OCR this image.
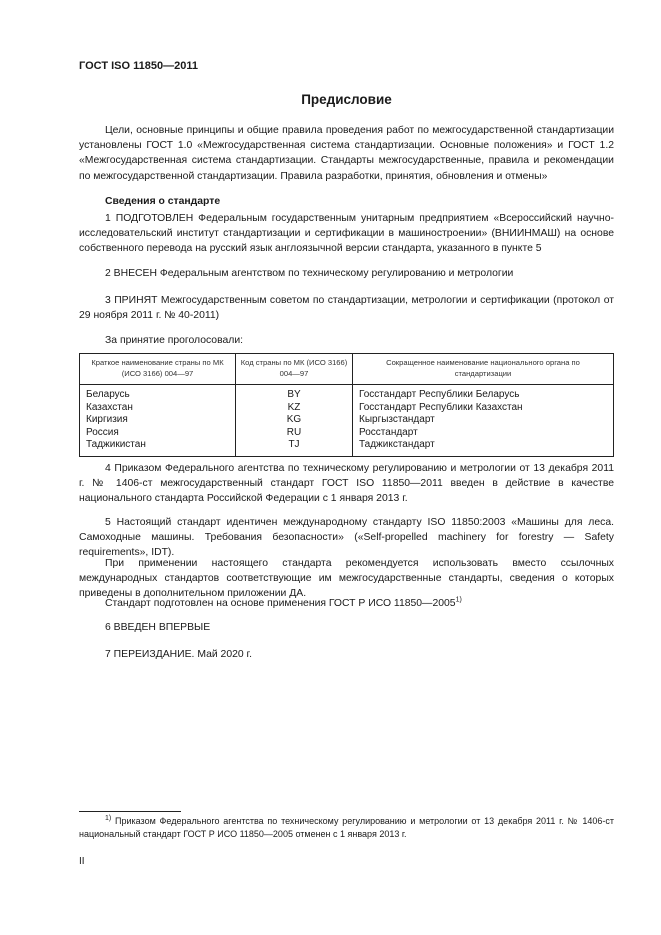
ГОСТ ISO 11850—2011
Предисловие

Цели, основные принципы и общие правила проведения работ по межгосударственной стандартизации установлены ГОСТ 1.0 «Межгосударственная система стандартизации. Основные положения» и ГОСТ 1.2 «Межгосударственная система стандартизации. Стандарты межгосударственные, правила и рекомендации по межгосударственной стандартизации. Правила разработки, принятия, обновления и отмены»

Сведения о стандарте

1 ПОДГОТОВЛЕН Федеральным государственным унитарным предприятием «Всероссийский научно-исследовательский институт стандартизации и сертификации в машиностроении» (ВНИИНМАШ) на основе собственного перевода на русский язык англоязычной версии стандарта, указанного в пункте 5

2 ВНЕСЕН Федеральным агентством по техническому регулированию и метрологии

3 ПРИНЯТ Межгосударственным советом по стандартизации, метрологии и сертификации (протокол от 29 ноября 2011 г. № 40-2011)

За принятие проголосовали:

Краткое наименование страны по МК (ИСО 3166) 004—97	Код страны по МК (ИСО 3166) 004—97	Сокращенное наименование национального органа по стандартизации
Беларусь	BY	Госстандарт Республики Беларусь
Казахстан	KZ	Госстандарт Республики Казахстан
Киргизия	KG	Кыргызстандарт
Россия	RU	Росстандарт
Таджикистан	TJ	Таджикстандарт

4 Приказом Федерального агентства по техническому регулированию и метрологии от 13 декабря 2011 г. № 1406-ст межгосударственный стандарт ГОСТ ISO 11850—2011 введен в действие в качестве национального стандарта Российской Федерации с 1 января 2013 г.

5 Настоящий стандарт идентичен международному стандарту ISO 11850:2003 «Машины для леса. Самоходные машины. Требования безопасности» («Self-propelled machinery for forestry — Safety requirements», IDT).

При применении настоящего стандарта рекомендуется использовать вместо ссылочных международных стандартов соответствующие им межгосударственные стандарты, сведения о которых приведены в дополнительном приложении ДА.

Стандарт подготовлен на основе применения ГОСТ Р ИСО 11850—2005$^{1)}$

6 ВВЕДЕН ВПЕРВЫЕ

7 ПЕРЕИЗДАНИЕ. Май 2020 г.

$^{1)}$ Приказом Федерального агентства по техническому регулированию и метрологии от 13 декабря 2011 г. № 1406-ст национальный стандарт ГОСТ Р ИСО 11850—2005 отменен с 1 января 2013 г.

II
